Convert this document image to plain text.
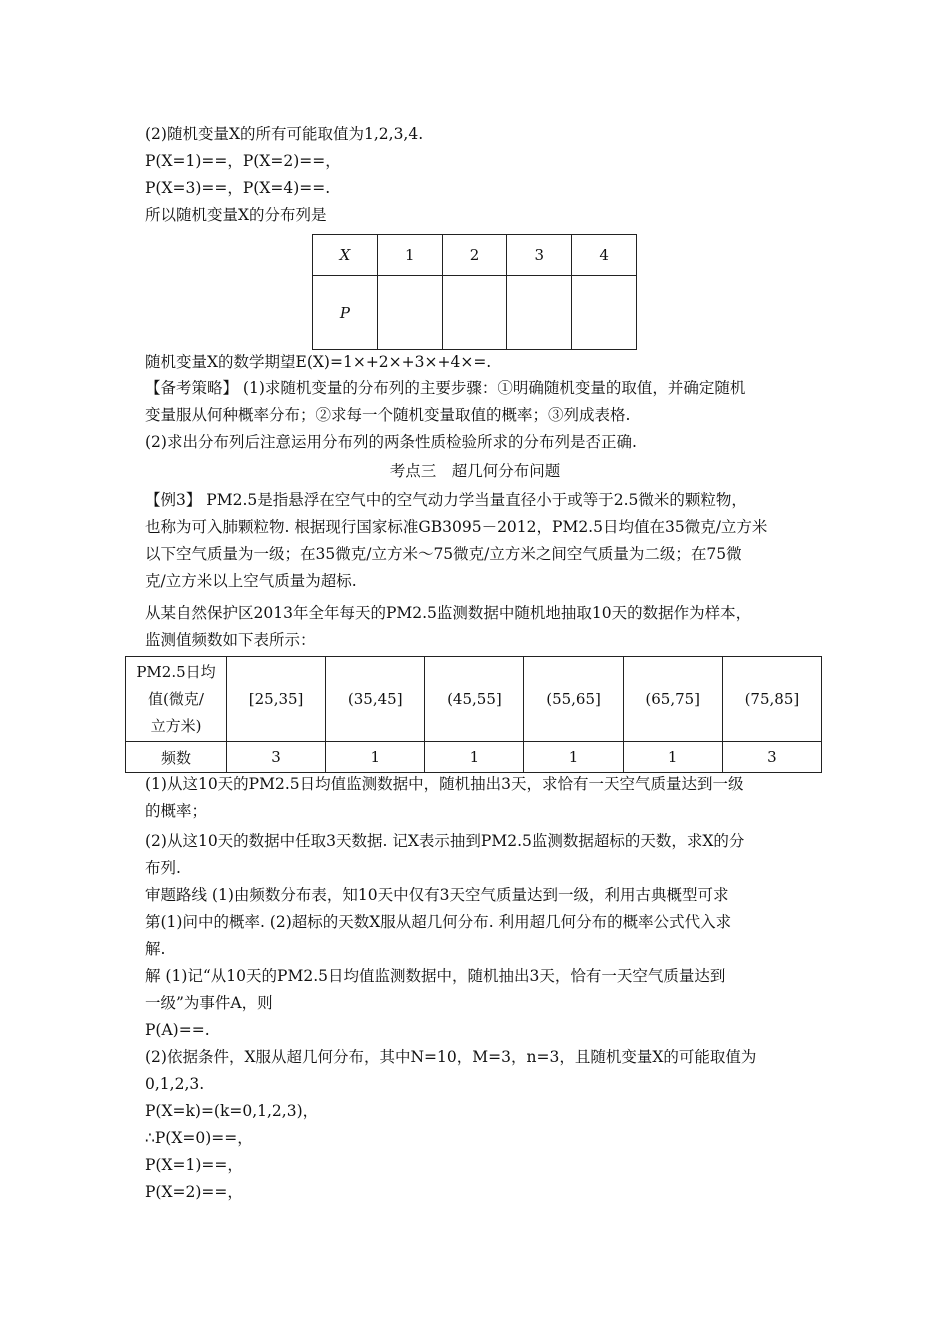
(2)随机变量X的所有可能取值为1,2,3,4.
P(X=1)==，P(X=2)==，
P(X=3)==，P(X=4)==.
所以随机变量X的分布列是
X	1	2	3	4
P				
随机变量X的数学期望E(X)=1×+2×+3×+4×=.
【备考策略】 (1)求随机变量的分布列的主要步骤：①明确随机变量的取值，并确定随机
变量服从何种概率分布；②求每一个随机变量取值的概率；③列成表格.
(2)求出分布列后注意运用分布列的两条性质检验所求的分布列是否正确.
考点三　超几何分布问题
【例3】 PM2.5是指悬浮在空气中的空气动力学当量直径小于或等于2.5微米的颗粒物，
也称为可入肺颗粒物. 根据现行国家标准GB3095－2012，PM2.5日均值在35微克/立方米
以下空气质量为一级；在35微克/立方米～75微克/立方米之间空气质量为二级；在75微
克/立方米以上空气质量为超标.
从某自然保护区2013年全年每天的PM2.5监测数据中随机地抽取10天的数据作为样本，
监测值频数如下表所示：
PM2.5日均
值(微克/
立方米)	[25,35]	(35,45]	(45,55]	(55,65]	(65,75]	(75,85]
频数	3	1	1	1	1	3
(1)从这10天的PM2.5日均值监测数据中，随机抽出3天，求恰有一天空气质量达到一级
的概率；
(2)从这10天的数据中任取3天数据. 记X表示抽到PM2.5监测数据超标的天数，求X的分
布列.
审题路线 (1)由频数分布表，知10天中仅有3天空气质量达到一级，利用古典概型可求
第(1)问中的概率. (2)超标的天数X服从超几何分布. 利用超几何分布的概率公式代入求
解.
解 (1)记“从10天的PM2.5日均值监测数据中，随机抽出3天，恰有一天空气质量达到
一级”为事件A，则
P(A)==.
(2)依据条件，X服从超几何分布，其中N=10，M=3，n=3，且随机变量X的可能取值为
0,1,2,3.
P(X=k)=(k=0,1,2,3)，
∴P(X=0)==，
P(X=1)==，
P(X=2)==，
